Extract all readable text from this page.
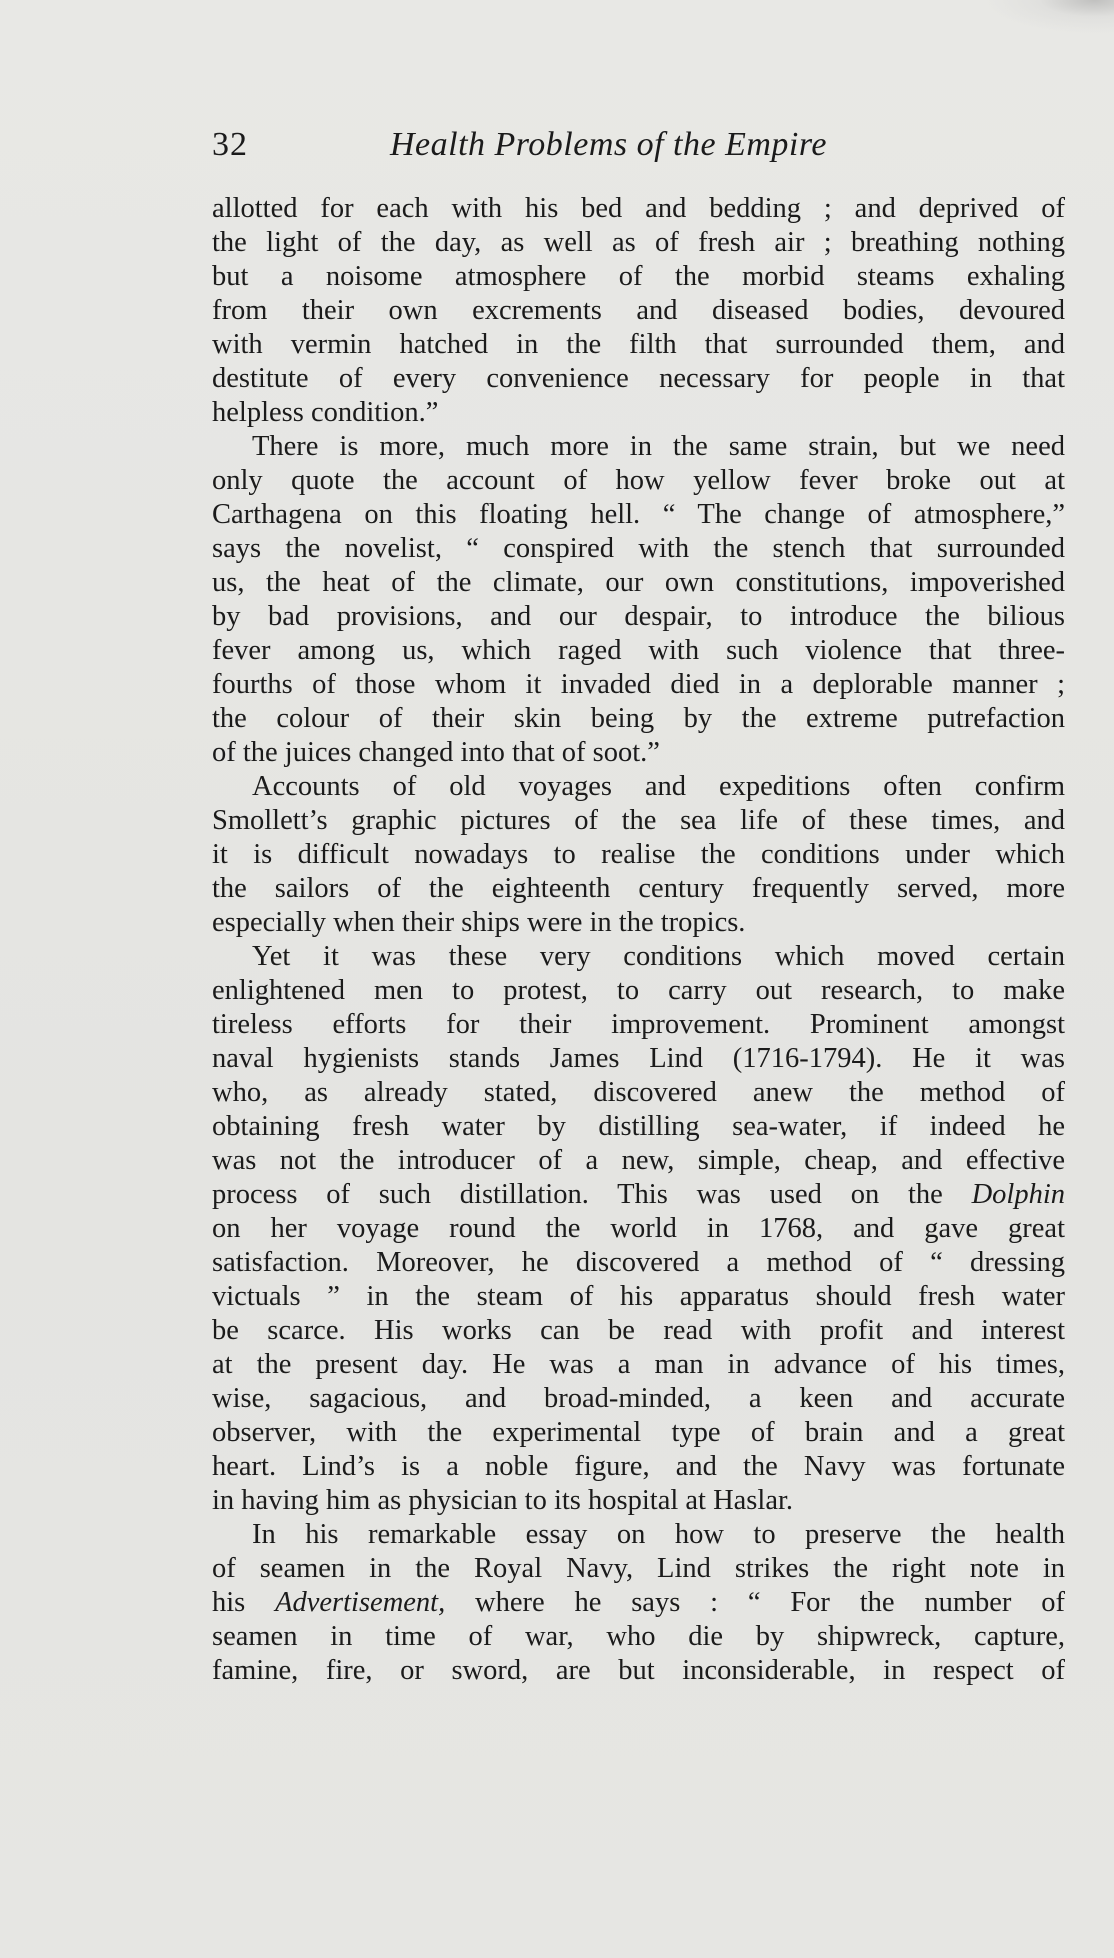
32	Health Problems of the Empire
allotted for each with his bed and bedding ; and deprived of
the light of the day, as well as of fresh air ; breathing nothing
but a noisome atmosphere of the morbid steams exhaling
from their own excrements and diseased bodies, devoured
with vermin hatched in the filth that surrounded them, and
destitute of every convenience necessary for people in that
helpless condition.”
There is more, much more in the same strain, but we need
only quote the account of how yellow fever broke out at
Carthagena on this floating hell. “ The change of atmosphere,”
says the novelist, “ conspired with the stench that surrounded
us, the heat of the climate, our own constitutions, impoverished
by bad provisions, and our despair, to introduce the bilious
fever among us, which raged with such violence that three-
fourths of those whom it invaded died in a deplorable manner ;
the colour of their skin being by the extreme putrefaction
of the juices changed into that of soot.”
Accounts of old voyages and expeditions often confirm
Smollett’s graphic pictures of the sea life of these times, and
it is difficult nowadays to realise the conditions under which
the sailors of the eighteenth century frequently served, more
especially when their ships were in the tropics.
Yet it was these very conditions which moved certain
enlightened men to protest, to carry out research, to make
tireless efforts for their improvement. Prominent amongst
naval hygienists stands James Lind (1716-1794). He it was
who, as already stated, discovered anew the method of
obtaining fresh water by distilling sea-water, if indeed he
was not the introducer of a new, simple, cheap, and effective
process of such distillation. This was used on the Dolphin
on her voyage round the world in 1768, and gave great
satisfaction. Moreover, he discovered a method of “ dressing
victuals ” in the steam of his apparatus should fresh water
be scarce. His works can be read with profit and interest
at the present day. He was a man in advance of his times,
wise, sagacious, and broad-minded, a keen and accurate
observer, with the experimental type of brain and a great
heart. Lind’s is a noble figure, and the Navy was fortunate
in having him as physician to its hospital at Haslar.
In his remarkable essay on how to preserve the health
of seamen in the Royal Navy, Lind strikes the right note in
his Advertisement, where he says : “ For the number of
seamen in time of war, who die by shipwreck, capture,
famine, fire, or sword, are but inconsiderable, in respect of
